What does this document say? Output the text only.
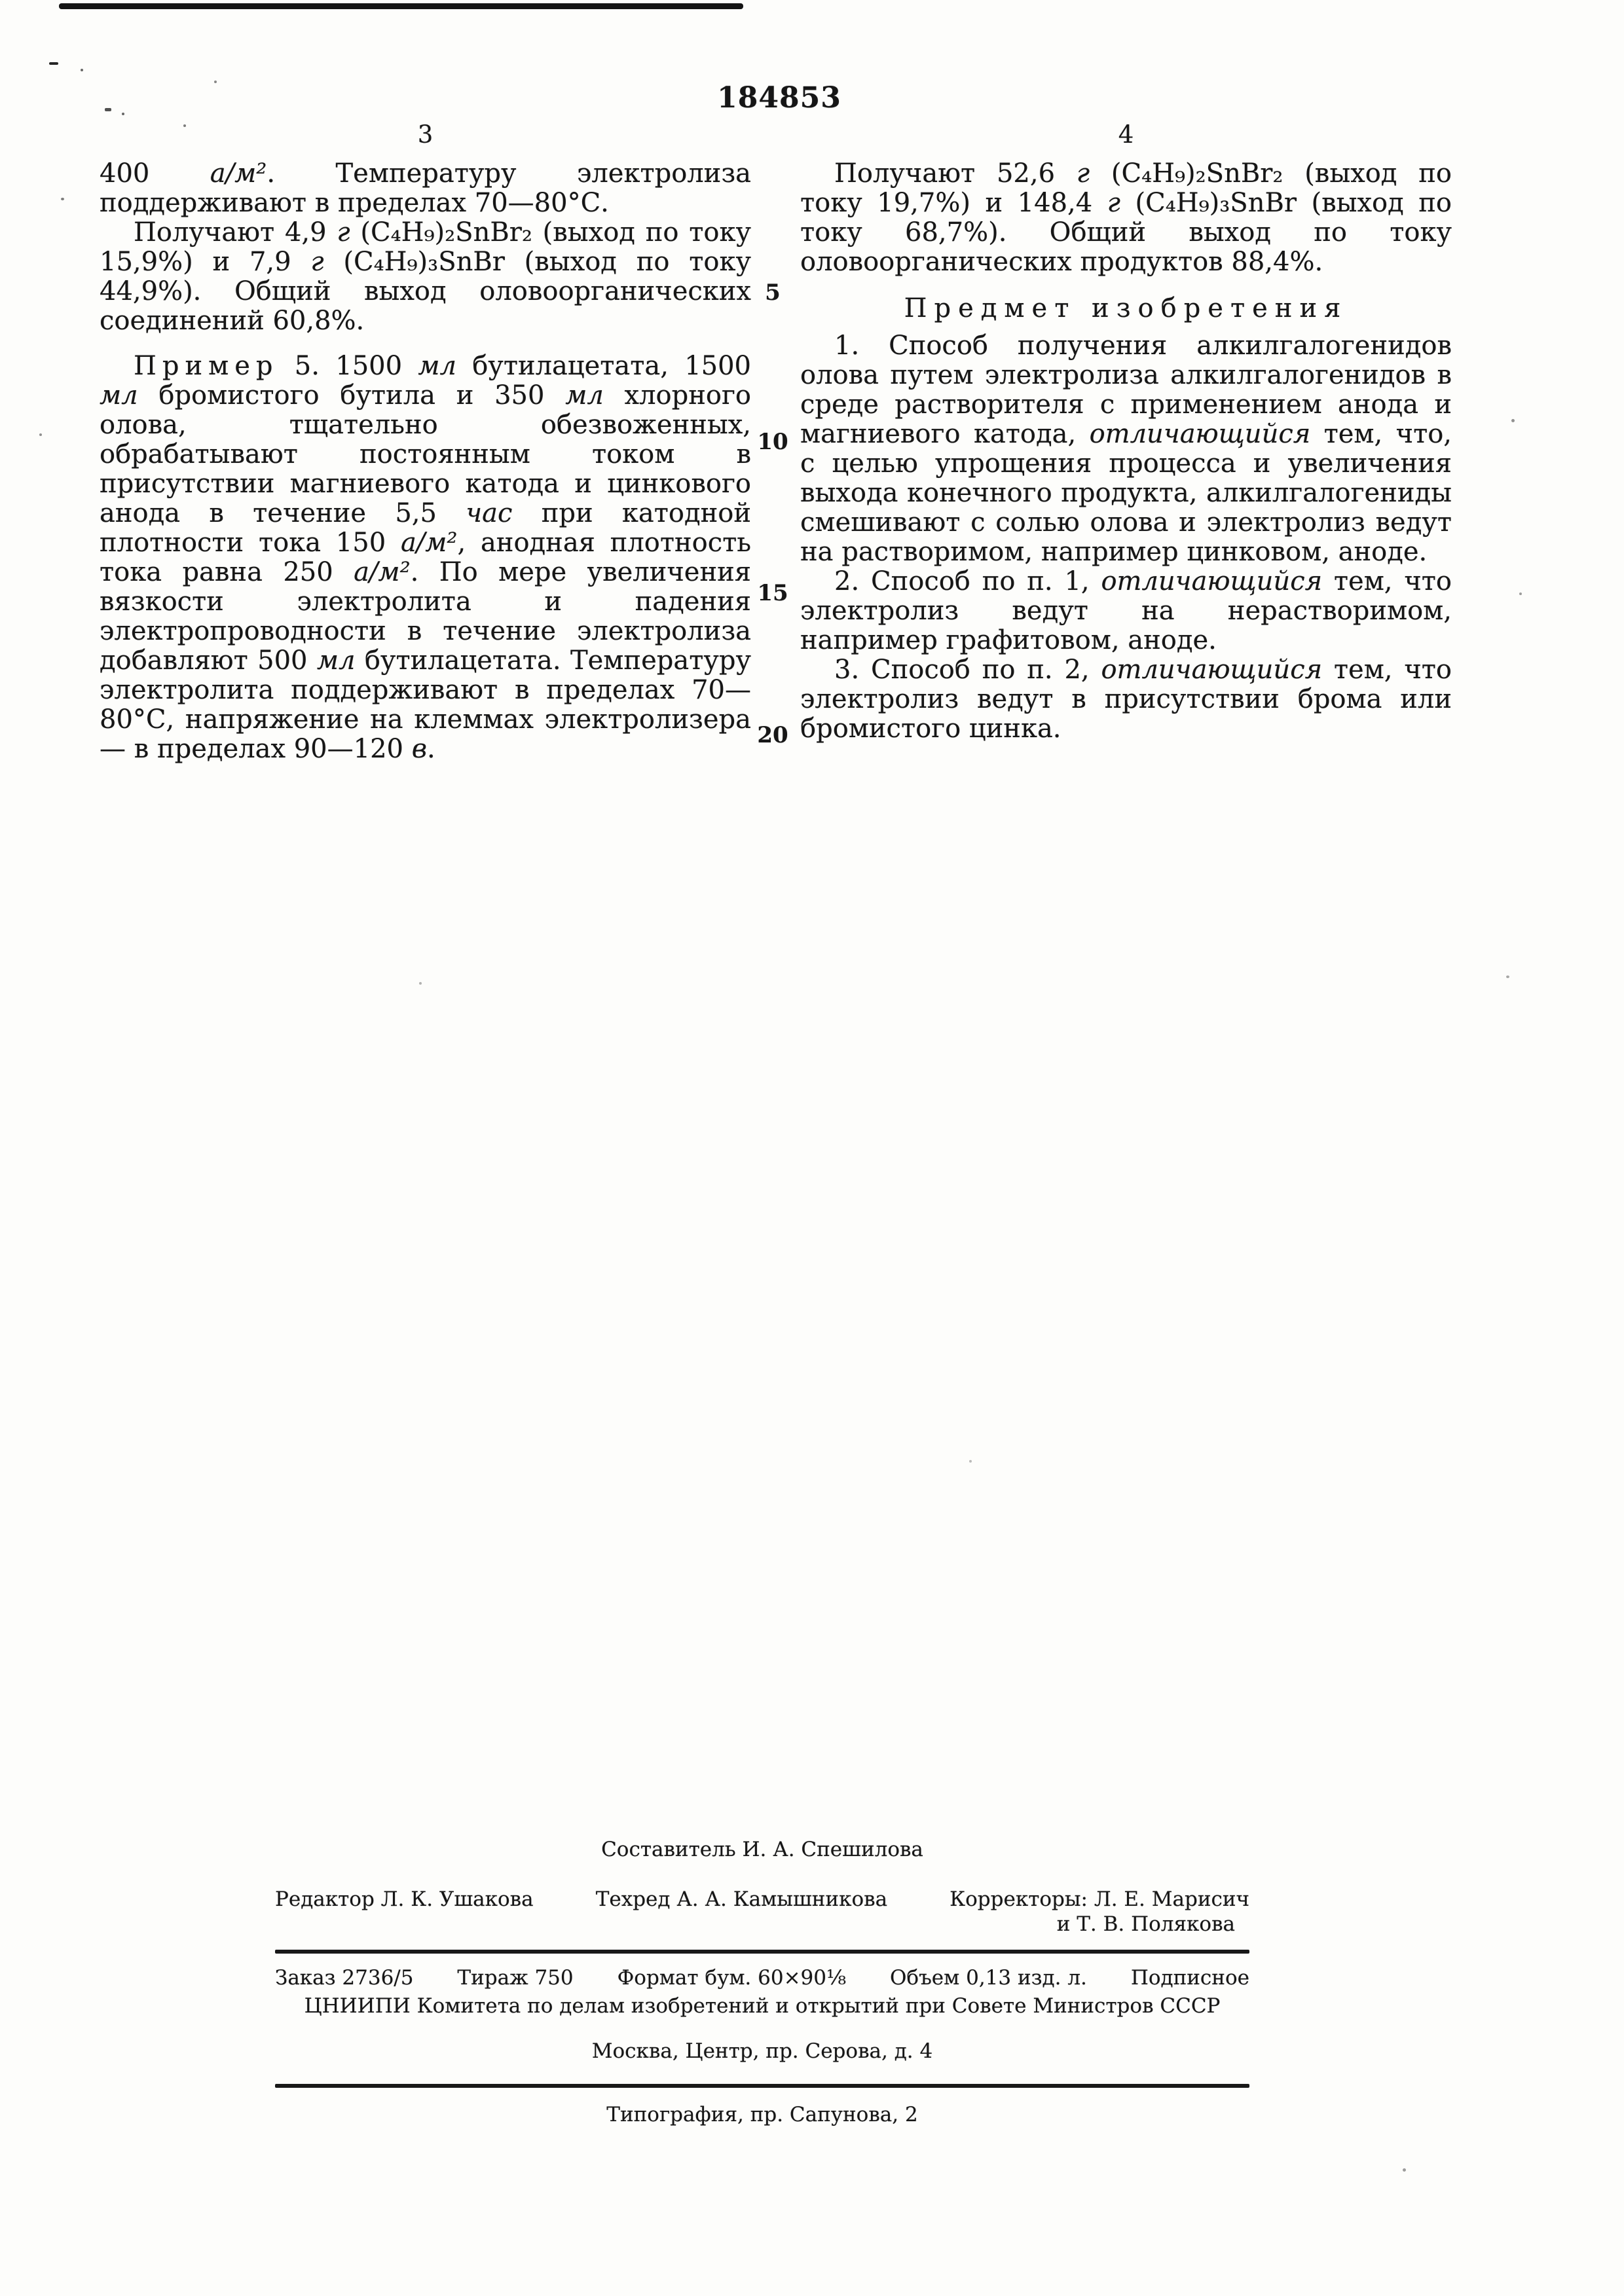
184853
3	4
5
10
15
20

400 а/м². Температуру электролиза поддерживают в пределах 70—80°С.

Получают 4,9 г (C₄H₉)₂SnBr₂ (выход по току 15,9%) и 7,9 г (C₄H₉)₃SnBr (выход по току 44,9%). Общий выход оловоорганических соединений 60,8%.

Пример 5. 1500 мл бутилацетата, 1500 мл бромистого бутила и 350 мл хлорного олова, тщательно обезвоженных, обрабатывают постоянным током в присутствии магниевого катода и цинкового анода в течение 5,5 час при катодной плотности тока 150 а/м², анодная плотность тока равна 250 а/м². По мере увеличения вязкости электролита и падения электропроводности в течение электролиза добавляют 500 мл бутилацетата. Температуру электролита поддерживают в пределах 70—80°С, напряжение на клеммах электролизера — в пределах 90—120 в.

Получают 52,6 г (C₄H₉)₂SnBr₂ (выход по току 19,7%) и 148,4 г (C₄H₉)₃SnBr (выход по току 68,7%). Общий выход по току оловоорганических продуктов 88,4%.

Предмет изобретения

1. Способ получения алкилгалогенидов олова путем электролиза алкилгалогенидов в среде растворителя с применением анода и магниевого катода, отличающийся тем, что, с целью упрощения процесса и увеличения выхода конечного продукта, алкилгалогениды смешивают с солью олова и электролиз ведут на растворимом, например цинковом, аноде.

2. Способ по п. 1, отличающийся тем, что электролиз ведут на нерастворимом, например графитовом, аноде.

3. Способ по п. 2, отличающийся тем, что электролиз ведут в присутствии брома или бромистого цинка.

Составитель И. А. Спешилова

Редактор Л. К. Ушакова	Техред А. А. Камышникова	Корректоры: Л. Е. Марисич
и Т. В. Полякова
Заказ 2736/5 Тираж 750 Формат бум. 60×90¹⁄₈ Объем 0,13 изд. л. Подписное

ЦНИИПИ Комитета по делам изобретений и открытий при Совете Министров СССР

Москва, Центр, пр. Серова, д. 4

Типография, пр. Сапунова, 2
